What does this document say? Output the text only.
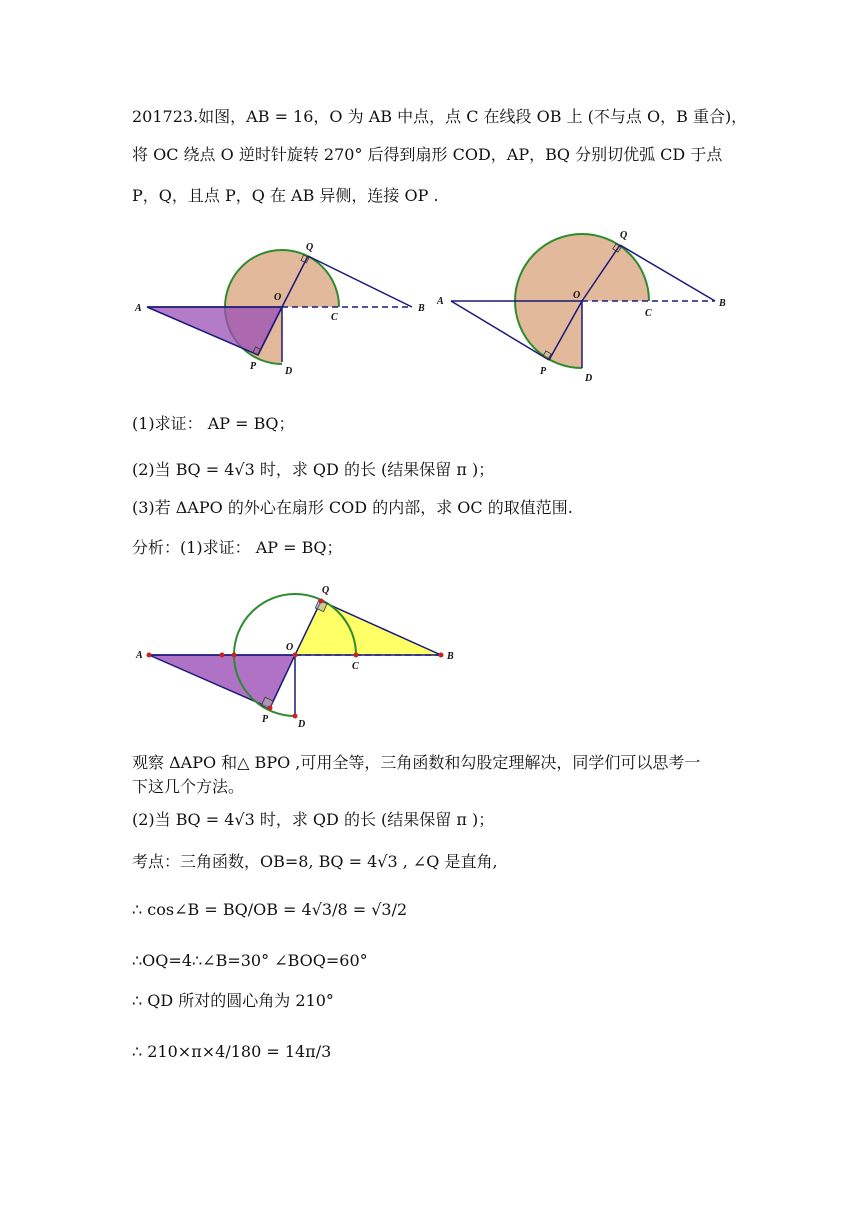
201723.如图，AB = 16，O 为 AB 中点，点 C 在线段 OB 上 (不与点 O，B 重合)，
将 OC 绕点 O 逆时针旋转 270° 后得到扇形 COD，AP，BQ 分别切优弧 CD 于点
P，Q，且点 P，Q 在 AB 异侧，连接 OP .
A	B
O
C
D
P
Q
A	B
O
C
D
P
Q
(1)求证： AP = BQ；
(2)当 BQ = 4√3 时，求 QD 的长 (结果保留 π )；
(3)若 ΔAPO 的外心在扇形 COD 的内部，求 OC 的取值范围.
分析：(1)求证： AP = BQ；
A	B
O
C
D
P
Q
观察 ΔAPO 和△ BPO ,可用全等，三角函数和勾股定理解决，同学们可以思考一
下这几个方法。
(2)当 BQ = 4√3 时，求 QD 的长 (结果保留 π )；
考点：三角函数，OB=8, BQ = 4√3 , ∠Q 是直角,
∴ cos∠B = BQ/OB = 4√3/8 = √3/2
∴OQ=4∴∠B=30° ∠BOQ=60°
∴ QD 所对的圆心角为 210°
∴ 210×π×4/180 = 14π/3
